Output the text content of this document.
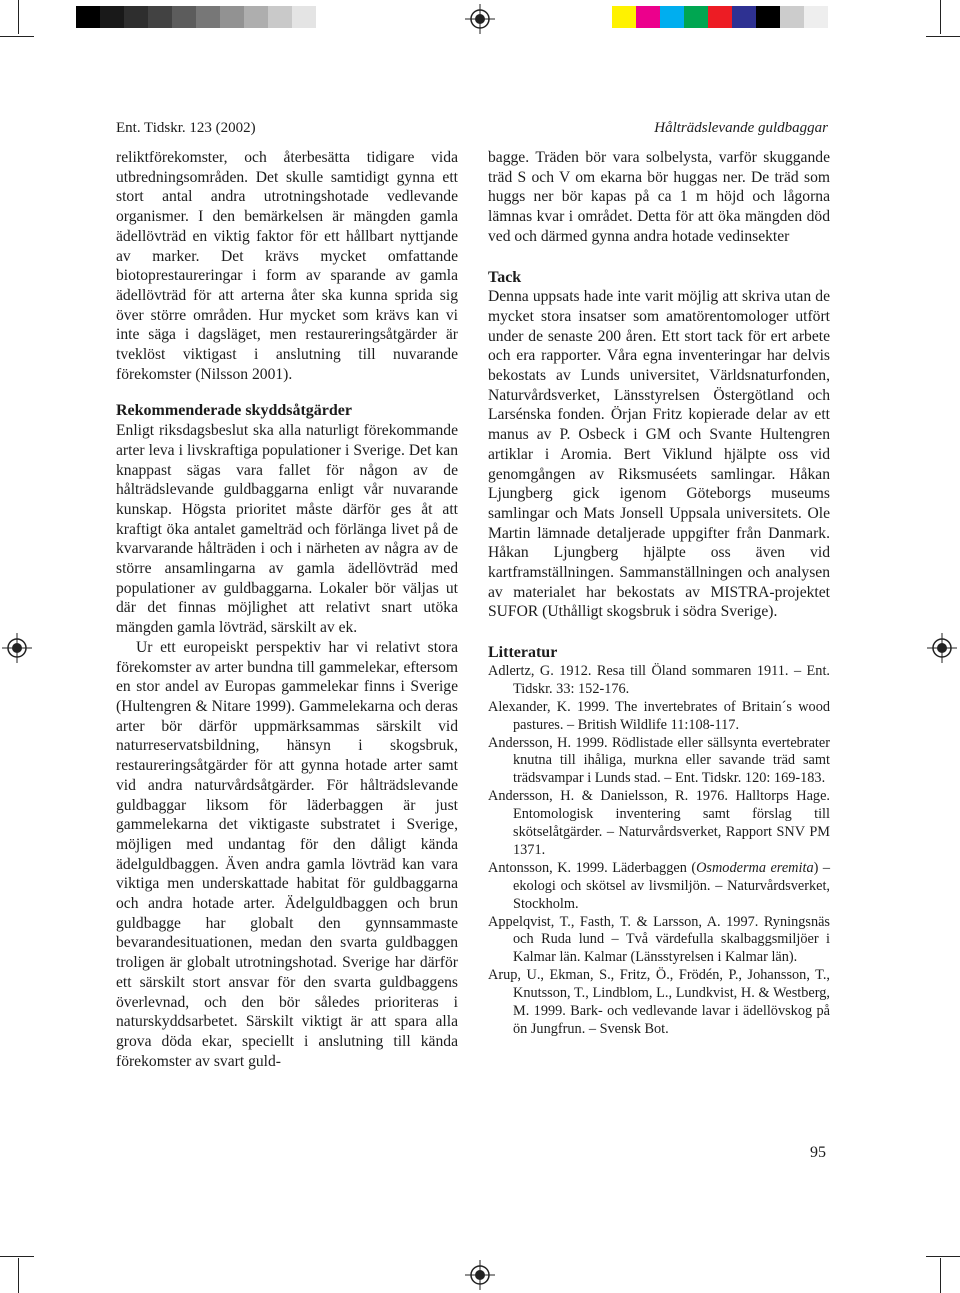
Ent. Tidskr. 123 (2002)	Hålträdslevande guldbaggar

reliktförekomster, och återbesätta tidigare vida utbredningsområden. Det skulle samtidigt gynna ett stort antal andra utrotningshotade vedlevande organismer. I den bemärkelsen är mängden gamla ädellövträd en viktig faktor för ett hållbart nyttjande av marker. Det krävs mycket omfattande biotoprestaureringar i form av sparande av gamla ädellövträd för att arterna åter ska kunna sprida sig över större områden. Hur mycket som krävs kan vi inte säga i dagsläget, men restaureringsåtgärder är tveklöst viktigast i anslutning till nuvarande förekomster (Nilsson 2001).

Rekommenderade skyddsåtgärder

Enligt riksdagsbeslut ska alla naturligt förekommande arter leva i livskraftiga populationer i Sverige. Det kan knappast sägas vara fallet för någon av de hålträdslevande guldbaggarna enligt vår nuvarande kunskap. Högsta prioritet måste därför ges åt att kraftigt öka antalet gamelträd och förlänga livet på de kvarvarande hålträden i och i närheten av några av de större ansamlingarna av gamla ädellövträd med populationer av guldbaggarna. Lokaler bör väljas ut där det finnas möjlighet att relativt snart utöka mängden gamla lövträd, särskilt av ek.

Ur ett europeiskt perspektiv har vi relativt stora förekomster av arter bundna till gammelekar, eftersom en stor andel av Europas gammelekar finns i Sverige (Hultengren & Nitare 1999). Gammelekarna och deras arter bör därför uppmärksammas särskilt vid naturreservatsbildning, hänsyn i skogsbruk, restaureringsåtgärder för att gynna hotade arter samt vid andra naturvårdsåtgärder. För hålträdslevande guldbaggar liksom för läderbaggen är just gammelekarna det viktigaste substratet i Sverige, möjligen med undantag för den dåligt kända ädelguldbaggen. Även andra gamla lövträd kan vara viktiga men underskattade habitat för guldbaggarna och andra hotade arter. Ädelguldbaggen och brun guldbagge har globalt den gynnsammaste bevarandesituationen, medan den svarta guldbaggen troligen är globalt utrotningshotad. Sverige har därför ett särskilt stort ansvar för den svarta guldbaggens överlevnad, och den bör således prioriteras i naturskyddsarbetet. Särskilt viktigt är att spara alla grova döda ekar, speciellt i anslutning till kända förekomster av svart guld-

bagge. Träden bör vara solbelysta, varför skuggande träd S och V om ekarna bör huggas ner. De träd som huggs ner bör kapas på ca 1 m höjd och lågorna lämnas kvar i området. Detta för att öka mängden död ved och därmed gynna andra hotade vedinsekter

Tack

Denna uppsats hade inte varit möjlig att skriva utan de mycket stora insatser som amatörentomologer utfört under de senaste 200 åren. Ett stort tack för ert arbete och era rapporter. Våra egna inventeringar har delvis bekostats av Lunds universitet, Världsnaturfonden, Naturvårdsverket, Länsstyrelsen Östergötland och Larsénska fonden. Örjan Fritz kopierade delar av ett manus av P. Osbeck i GM och Svante Hultengren artiklar i Aromia. Bert Viklund hjälpte oss vid genomgången av Riksmuséets samlingar. Håkan Ljungberg gick igenom Göteborgs museums samlingar och Mats Jonsell Uppsala universitets. Ole Martin lämnade detaljerade uppgifter från Danmark. Håkan Ljungberg hjälpte oss även vid kartframställningen. Sammanställningen och analysen av materialet har bekostats av MISTRA-projektet SUFOR (Uthålligt skogsbruk i södra Sverige).

Litteratur

Adlertz, G. 1912. Resa till Öland sommaren 1911. – Ent. Tidskr. 33: 152-176.

Alexander, K. 1999. The invertebrates of Britain´s wood pastures. – British Wildlife 11:108-117.

Andersson, H. 1999. Rödlistade eller sällsynta evertebrater knutna till ihåliga, murkna eller savande träd samt trädsvampar i Lunds stad. – Ent. Tidskr. 120: 169-183.

Andersson, H. & Danielsson, R. 1976. Halltorps Hage. Entomologisk inventering samt förslag till skötselåtgärder. – Naturvårdsverket, Rapport SNV PM 1371.

Antonsson, K. 1999. Läderbaggen (Osmoderma eremita) – ekologi och skötsel av livsmiljön. – Naturvårdsverket, Stockholm.

Appelqvist, T., Fasth, T. & Larsson, A. 1997. Ryningsnäs och Ruda lund – Två värdefulla skalbaggsmiljöer i Kalmar län. Kalmar (Länsstyrelsen i Kalmar län).

Arup, U., Ekman, S., Fritz, Ö., Frödén, P., Johansson, T., Knutsson, T., Lindblom, L., Lundkvist, H. & Westberg, M. 1999. Bark- och vedlevande lavar i ädellövskog på ön Jungfrun. – Svensk Bot.

95
